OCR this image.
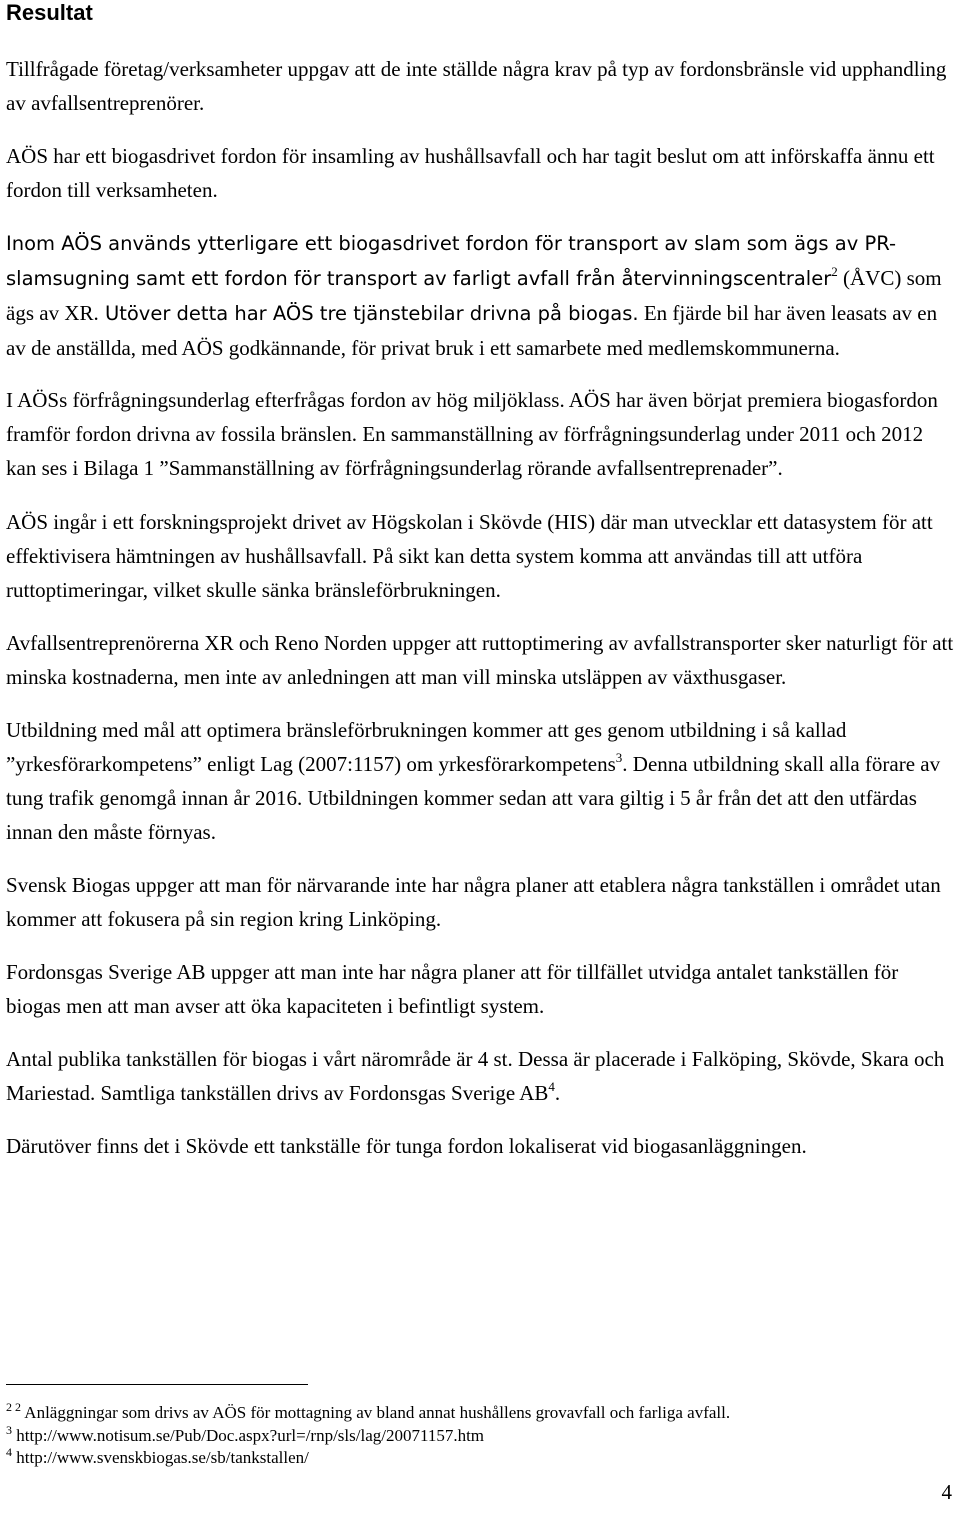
Resultat

Tillfrågade företag/verksamheter uppgav att de inte ställde några krav på typ av fordonsbränsle vid upphandling av avfallsentreprenörer.

AÖS har ett biogasdrivet fordon för insamling av hushållsavfall och har tagit beslut om att införskaffa ännu ett fordon till verksamheten.

Inom AÖS används ytterligare ett biogasdrivet fordon för transport av slam som ägs av PR-slamsugning samt ett fordon för transport av farligt avfall från återvinningscentraler$^2$ (ÅVC) som ägs av XR. Utöver detta har AÖS tre tjänstebilar drivna på biogas. En fjärde bil har även leasats av en av de anställda, med AÖS godkännande, för privat bruk i ett samarbete med medlemskommunerna.

I AÖSs förfrågningsunderlag efterfrågas fordon av hög miljöklass. AÖS har även börjat premiera biogasfordon framför fordon drivna av fossila bränslen. En sammanställning av förfrågningsunderlag under 2011 och 2012 kan ses i Bilaga 1 ”Sammanställning av förfrågningsunderlag rörande avfallsentreprenader”.

AÖS ingår i ett forskningsprojekt drivet av Högskolan i Skövde (HIS) där man utvecklar ett datasystem för att effektivisera hämtningen av hushållsavfall. På sikt kan detta system komma att användas till att utföra ruttoptimeringar, vilket skulle sänka bränsleförbrukningen.

Avfallsentreprenörerna XR och Reno Norden uppger att ruttoptimering av avfallstransporter sker naturligt för att minska kostnaderna, men inte av anledningen att man vill minska utsläppen av växthusgaser.

Utbildning med mål att optimera bränsleförbrukningen kommer att ges genom utbildning i så kallad ”yrkesförarkompetens” enligt Lag (2007:1157) om yrkesförarkompetens$^3$. Denna utbildning skall alla förare av tung trafik genomgå innan år 2016. Utbildningen kommer sedan att vara giltig i 5 år från det att den utfärdas innan den måste förnyas.

Svensk Biogas uppger att man för närvarande inte har några planer att etablera några tankställen i området utan kommer att fokusera på sin region kring Linköping.

Fordonsgas Sverige AB uppger att man inte har några planer att för tillfället utvidga antalet tankställen för biogas men att man avser att öka kapaciteten i befintligt system.

Antal publika tankställen för biogas i vårt närområde är 4 st. Dessa är placerade i Falköping, Skövde, Skara och Mariestad. Samtliga tankställen drivs av Fordonsgas Sverige $AB^4$.

Därutöver finns det i Skövde ett tankställe för tunga fordon lokaliserat vid biogasanläggningen.

$^{2 2}$ Anläggningar som drivs av AÖS för mottagning av bland annat hushållens grovavfall och farliga avfall.
$^3$ http://www.notisum.se/Pub/Doc.aspx?url=/rnp/sls/lag/20071157.htm
$^4$ http://www.svenskbiogas.se/sb/tankstallen/
4
